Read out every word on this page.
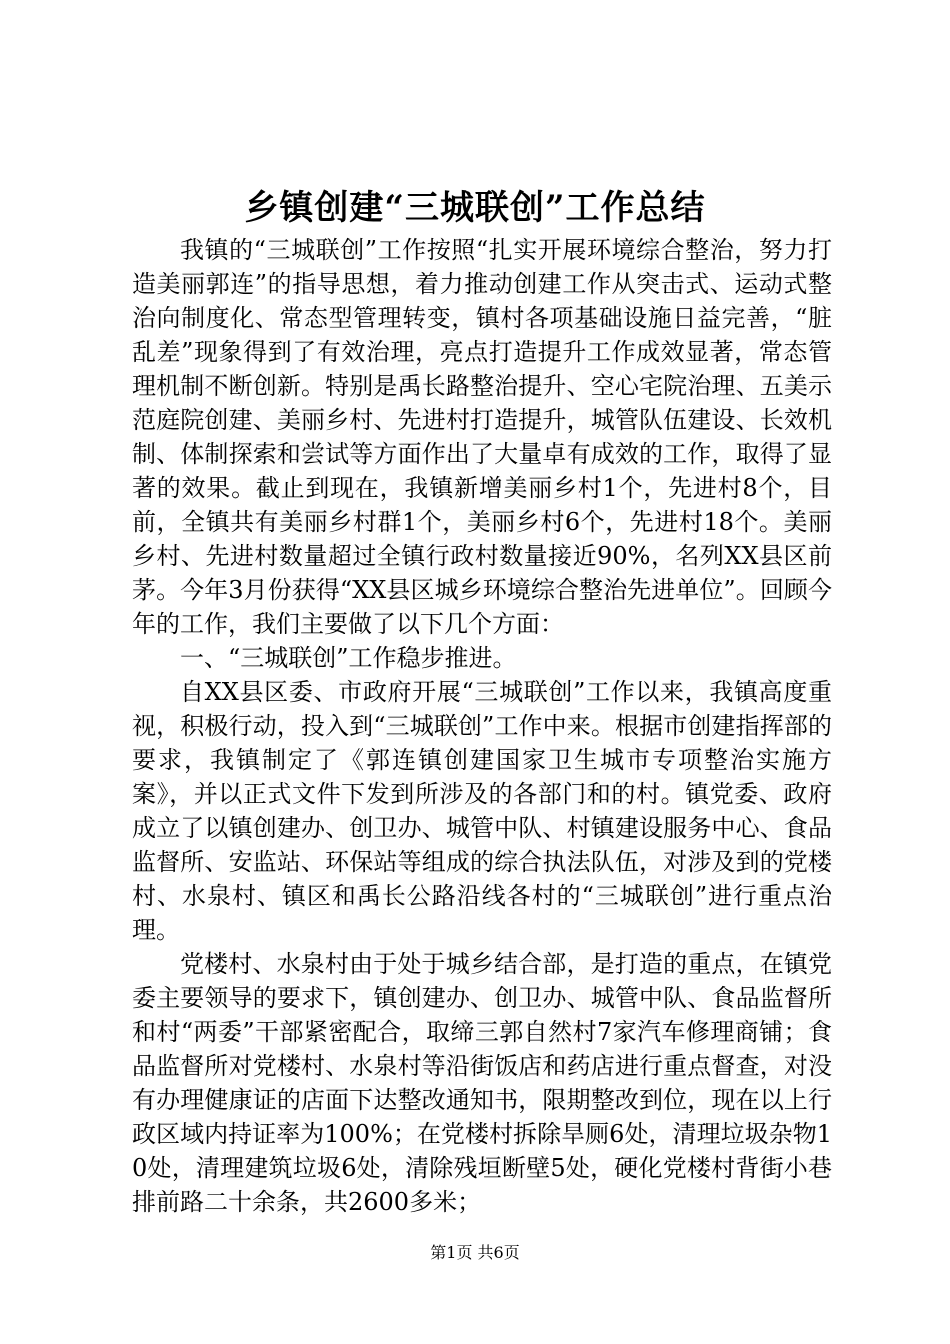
乡镇创建“三城联创”工作总结

我镇的“三城联创”工作按照“扎实开展环境综合整治，努力打造美丽郭连”的指导思想，着力推动创建工作从突击式、运动式整治向制度化、常态型管理转变，镇村各项基础设施日益完善，“脏乱差”现象得到了有效治理，亮点打造提升工作成效显著，常态管理机制不断创新。特别是禹长路整治提升、空心宅院治理、五美示范庭院创建、美丽乡村、先进村打造提升，城管队伍建设、长效机制、体制探索和尝试等方面作出了大量卓有成效的工作，取得了显著的效果。截止到现在，我镇新增美丽乡村1个，先进村8个，目前，全镇共有美丽乡村群1个，美丽乡村6个，先进村18个。美丽乡村、先进村数量超过全镇行政村数量接近90%，名列XX县区前茅。今年3月份获得“XX县区城乡环境综合整治先进单位”。回顾今年的工作，我们主要做了以下几个方面：

一、“三城联创”工作稳步推进。

自XX县区委、市政府开展“三城联创”工作以来，我镇高度重视，积极行动，投入到“三城联创”工作中来。根据市创建指挥部的要求，我镇制定了《郭连镇创建国家卫生城市专项整治实施方案》，并以正式文件下发到所涉及的各部门和的村。镇党委、政府成立了以镇创建办、创卫办、城管中队、村镇建设服务中心、食品监督所、安监站、环保站等组成的综合执法队伍，对涉及到的党楼村、水泉村、镇区和禹长公路沿线各村的“三城联创”进行重点治理。

党楼村、水泉村由于处于城乡结合部，是打造的重点，在镇党委主要领导的要求下，镇创建办、创卫办、城管中队、食品监督所和村“两委”干部紧密配合，取缔三郭自然村7家汽车修理商铺；食品监督所对党楼村、水泉村等沿街饭店和药店进行重点督查，对没有办理健康证的店面下达整改通知书，限期整改到位，现在以上行政区域内持证率为100%；在党楼村拆除旱厕6处，清理垃圾杂物10处，清理建筑垃圾6处，清除残垣断壁5处，硬化党楼村背街小巷排前路二十余条，共2600多米；

第1页 共6页
